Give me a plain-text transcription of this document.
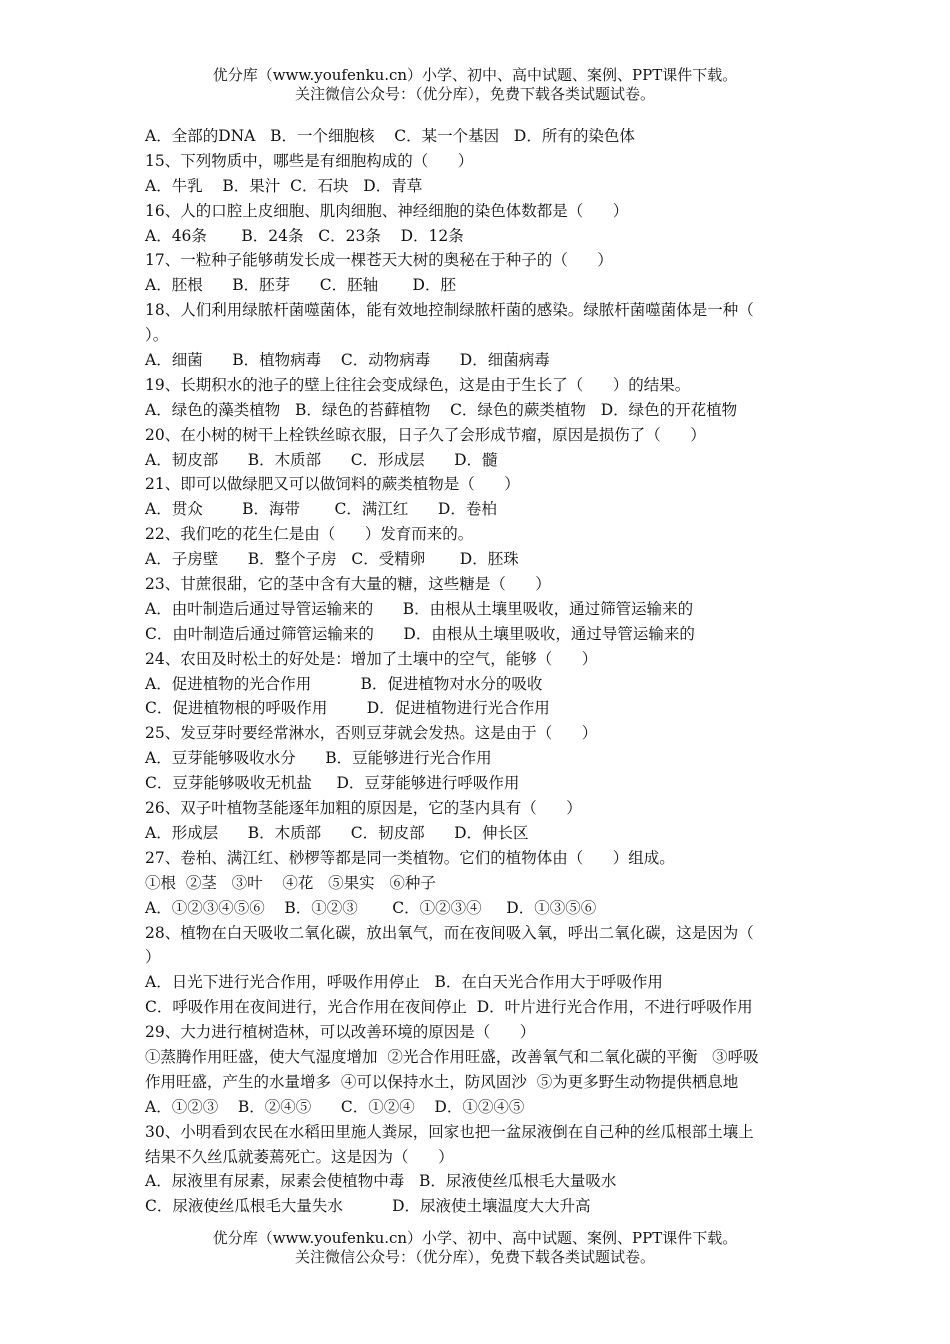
优分库（www.youfenku.cn）小学、初中、高中试题、案例、PPT课件下载。
关注微信公众号：（优分库），免费下载各类试题试卷。
A．全部的DNA   B．一个细胞核    C．某一个基因   D．所有的染色体
15、下列物质中，哪些是有细胞构成的（      ）
A．牛乳    B．果汁  C．石块   D．青草
16、人的口腔上皮细胞、肌肉细胞、神经细胞的染色体数都是（      ）
A．46条       B．24条   C．23条    D．12条
17、一粒种子能够萌发长成一棵苍天大树的奥秘在于种子的（      ）
A．胚根      B．胚芽      C．胚轴       D．胚
18、人们利用绿脓杆菌噬菌体，能有效地控制绿脓杆菌的感染。绿脓杆菌噬菌体是一种（
）。
A．细菌      B．植物病毒    C．动物病毒      D．细菌病毒
19、长期积水的池子的壁上往往会变成绿色，这是由于生长了（      ）的结果。
A．绿色的藻类植物   B．绿色的苔藓植物    C．绿色的蕨类植物   D．绿色的开花植物
20、在小树的树干上栓铁丝晾衣服，日子久了会形成节瘤，原因是损伤了（      ）
A．韧皮部      B．木质部      C．形成层      D．髓
21、即可以做绿肥又可以做饲料的蕨类植物是（      ）
A．贯众        B．海带       C．满江红      D．卷柏
22、我们吃的花生仁是由（      ）发育而来的。
A．子房壁      B．整个子房   C．受精卵       D．胚珠
23、甘蔗很甜，它的茎中含有大量的糖，这些糖是（      ）
A．由叶制造后通过导管运输来的      B．由根从土壤里吸收，通过筛管运输来的
C．由叶制造后通过筛管运输来的      D．由根从土壤里吸收，通过导管运输来的
24、农田及时松土的好处是：增加了土壤中的空气，能够（      ）
A．促进植物的光合作用          B．促进植物对水分的吸收
C．促进植物根的呼吸作用        D．促进植物进行光合作用
25、发豆芽时要经常淋水，否则豆芽就会发热。这是由于（      ）
A．豆芽能够吸收水分      B．豆能够进行光合作用
C．豆芽能够吸收无机盐     D．豆芽能够进行呼吸作用
26、双子叶植物茎能逐年加粗的原因是，它的茎内具有（      ）
A．形成层      B．木质部      C．韧皮部      D．伸长区
27、卷柏、满江红、桫椤等都是同一类植物。它们的植物体由（      ）组成。
①根  ②茎   ③叶    ④花   ⑤果实   ⑥种子
A．①②③④⑤⑥    B．①②③       C．①②③④     D．①③⑤⑥
28、植物在白天吸收二氧化碳，放出氧气，而在夜间吸入氧，呼出二氧化碳，这是因为（
）
A．日光下进行光合作用，呼吸作用停止   B．在白天光合作用大于呼吸作用
C．呼吸作用在夜间进行，光合作用在夜间停止  D．叶片进行光合作用，不进行呼吸作用
29、大力进行植树造林，可以改善环境的原因是（      ）
①蒸腾作用旺盛，使大气湿度增加  ②光合作用旺盛，改善氧气和二氧化碳的平衡   ③呼吸
作用旺盛，产生的水量增多  ④可以保持水土，防风固沙  ⑤为更多野生动物提供栖息地
A．①②③    B．②④⑤      C．①②④    D．①②④⑤
30、小明看到农民在水稻田里施人粪尿，回家也把一盆尿液倒在自己种的丝瓜根部土壤上
结果不久丝瓜就萎蔫死亡。这是因为（      ）
A．尿液里有尿素，尿素会使植物中毒   B．尿液使丝瓜根毛大量吸水
C．尿液使丝瓜根毛大量失水          D．尿液使土壤温度大大升高
优分库（www.youfenku.cn）小学、初中、高中试题、案例、PPT课件下载。
关注微信公众号：（优分库），免费下载各类试题试卷。
